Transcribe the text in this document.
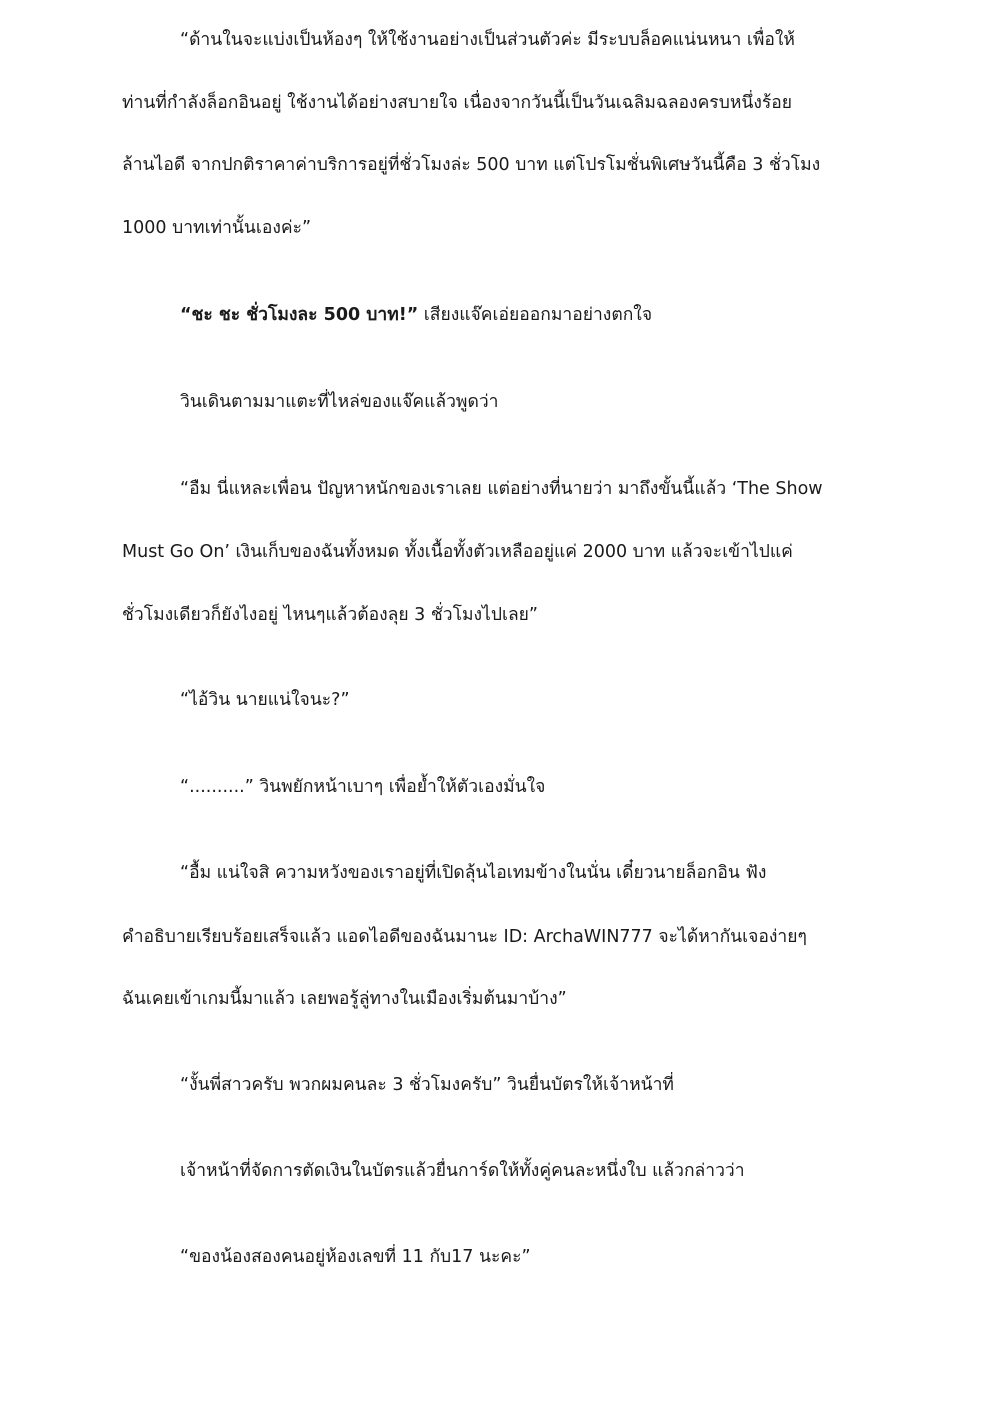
“ด้านในจะแบ่งเป็นห้องๆ ให้ใช้งานอย่างเป็นส่วนตัวค่ะ มีระบบล็อคแน่นหนา เพื่อให้

ท่านที่กำลังล็อกอินอยู่ ใช้งานได้อย่างสบายใจ เนื่องจากวันนี้เป็นวันเฉลิมฉลองครบหนึ่งร้อย

ล้านไอดี จากปกติราคาค่าบริการอยู่ที่ชั่วโมงล่ะ 500 บาท แต่โปรโมชั่นพิเศษวันนี้คือ 3 ชั่วโมง

1000 บาทเท่านั้นเองค่ะ”

“ชะ ชะ ชั่วโมงละ 500 บาท!” เสียงแจ๊คเอ่ยออกมาอย่างตกใจ

วินเดินตามมาแตะที่ไหล่ของแจ๊คแล้วพูดว่า

“อืม นี่แหละเพื่อน ปัญหาหนักของเราเลย แต่อย่างที่นายว่า มาถึงขั้นนี้แล้ว ‘The Show

Must Go On’ เงินเก็บของฉันทั้งหมด ทั้งเนื้อทั้งตัวเหลืออยู่แค่ 2000 บาท แล้วจะเข้าไปแค่

ชั่วโมงเดียวก็ยังไงอยู่ ไหนๆแล้วต้องลุย 3 ชั่วโมงไปเลย”

“ไอ้วิน นายแน่ใจนะ?”

“..........” วินพยักหน้าเบาๆ เพื่อย้ำให้ตัวเองมั่นใจ

“อื้ม แน่ใจสิ ความหวังของเราอยู่ที่เปิดลุ้นไอเทมข้างในนั่น เดี๋ยวนายล็อกอิน ฟัง

คำอธิบายเรียบร้อยเสร็จแล้ว แอดไอดีของฉันมานะ ID: ArchaWIN777 จะได้หากันเจอง่ายๆ

ฉันเคยเข้าเกมนี้มาแล้ว เลยพอรู้ลู่ทางในเมืองเริ่มต้นมาบ้าง”

“งั้นพี่สาวครับ พวกผมคนละ 3 ชั่วโมงครับ” วินยื่นบัตรให้เจ้าหน้าที่

เจ้าหน้าที่จัดการตัดเงินในบัตรแล้วยื่นการ์ดให้ทั้งคู่คนละหนึ่งใบ แล้วกล่าวว่า

“ของน้องสองคนอยู่ห้องเลขที่ 11 กับ17 นะคะ”
